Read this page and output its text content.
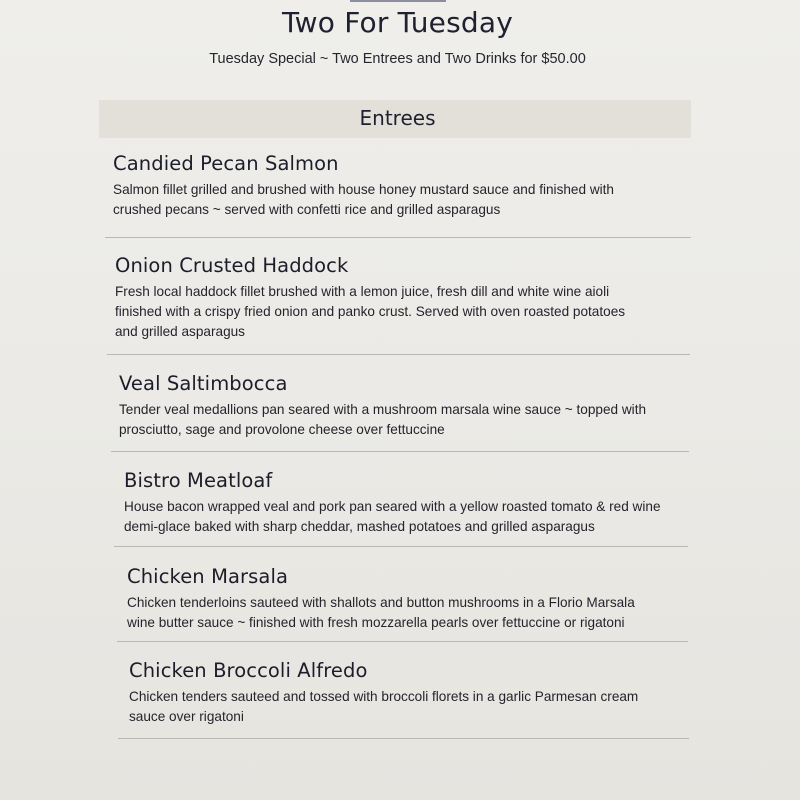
Two For Tuesday
Tuesday Special ~ Two Entrees and Two Drinks for $50.00
Entrees
Candied Pecan Salmon
Salmon fillet grilled and brushed with house honey mustard sauce and finished with
crushed pecans ~ served with confetti rice and grilled asparagus
Onion Crusted Haddock
Fresh local haddock fillet brushed with a lemon juice, fresh dill and white wine aioli
finished with a crispy fried onion and panko crust. Served with oven roasted potatoes
and grilled asparagus
Veal Saltimbocca
Tender veal medallions pan seared with a mushroom marsala wine sauce ~ topped with
prosciutto, sage and provolone cheese over fettuccine
Bistro Meatloaf
House bacon wrapped veal and pork pan seared with a yellow roasted tomato & red wine
demi-glace baked with sharp cheddar, mashed potatoes and grilled asparagus
Chicken Marsala
Chicken tenderloins sauteed with shallots and button mushrooms in a Florio Marsala
wine butter sauce ~ finished with fresh mozzarella pearls over fettuccine or rigatoni
Chicken Broccoli Alfredo
Chicken tenders sauteed and tossed with broccoli florets in a garlic Parmesan cream
sauce over rigatoni
